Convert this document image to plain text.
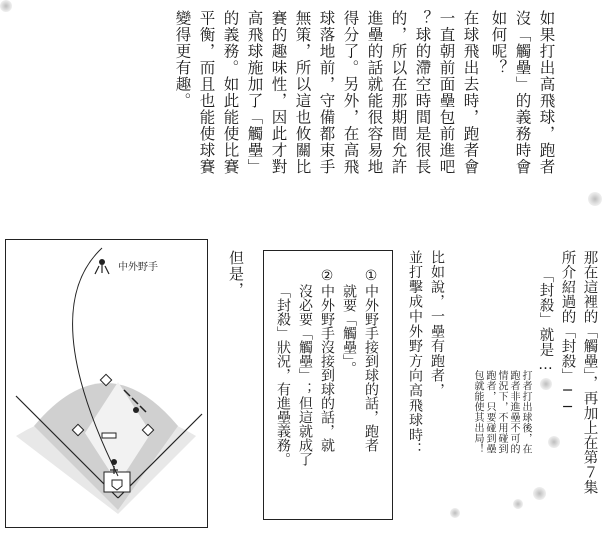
如果打出高飛球，跑者
沒「觸壘」的義務時會
如何呢？
在球飛出去時，跑者會
一直朝前面壘包前進吧
？球的滯空時間是很長
的，所以在那期間允許
進壘的話就能很容易地
得分了。另外，在高飛
球落地前，守備都束手
無策，所以這也攸關比
賽的趣味性，因此才對
高飛球施加了「觸壘」
的義務。如此能使比賽
平衡，而且也能使球賽
變得更有趣。
那在這裡的「觸壘」，再加上在第７集
所介紹過的「封殺」──
「封殺」就是…
打者打出球後，在
跑者非進壘不可的
情況下，不用碰到
跑者，只要碰到壘
包就能使其出局！
比如說，一壘有跑者，
並打擊成中外野方向高飛球時：
①中外野手接到球的話，跑者
就要「觸壘」。
②中外野手沒接到球的話，就
沒必要「觸壘」；但這就成了
「封殺」狀況，有進壘義務。
但是，
中外野手
